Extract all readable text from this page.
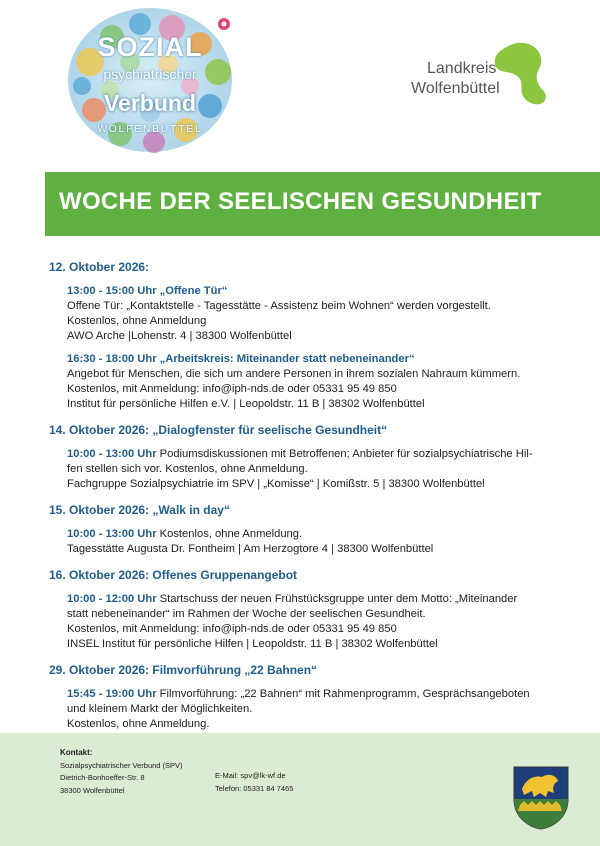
SOZIAL
psychiatrischer
Verbund
WOLFENBÜTTEL
Landkreis
Wolfenbüttel
WOCHE DER SEELISCHEN GESUNDHEIT
12. Oktober 2026:
13:00 - 15:00 Uhr „Offene Tür“
Offene Tür: „Kontaktstelle - Tagesstätte - Assistenz beim Wohnen“ werden vorgestellt.
Kostenlos, ohne Anmeldung
AWO Arche |Lohenstr. 4 | 38300 Wolfenbüttel
16:30 - 18:00 Uhr „Arbeitskreis: Miteinander statt nebeneinander“
Angebot für Menschen, die sich um andere Personen in ihrem sozialen Nahraum kümmern.
Kostenlos, mit Anmeldung: info@iph-nds.de oder 05331 95 49 850
Institut für persönliche Hilfen e.V. | Leopoldstr. 11 B | 38302 Wolfenbüttel
14. Oktober 2026: „Dialogfenster für seelische Gesundheit“
10:00 - 13:00 Uhr Podiumsdiskussionen mit Betroffenen; Anbieter für sozialpsychiatrische Hil-
fen stellen sich vor. Kostenlos, ohne Anmeldung.
Fachgruppe Sozialpsychiatrie im SPV | „Komisse“ | Komißstr. 5 | 38300 Wolfenbüttel
15. Oktober 2026: „Walk in day“
10:00 - 13:00 Uhr Kostenlos, ohne Anmeldung.
Tagesstätte Augusta Dr. Fontheim | Am Herzogtore 4 | 38300 Wolfenbüttel
16. Oktober 2026: Offenes Gruppenangebot
10:00 - 12:00 Uhr Startschuss der neuen Frühstücksgruppe unter dem Motto: „Miteinander
statt nebeneinander“ im Rahmen der Woche der seelischen Gesundheit.
Kostenlos, mit Anmeldung: info@iph-nds.de oder 05331 95 49 850
INSEL Institut für persönliche Hilfen | Leopoldstr. 11 B | 38302 Wolfenbüttel
29. Oktober 2026: Filmvorführung „22 Bahnen“
15:45 - 19:00 Uhr Filmvorführung: „22 Bahnen“ mit Rahmenprogramm, Gesprächsangeboten
und kleinem Markt der Möglichkeiten.
Kostenlos, ohne Anmeldung.
Kontakt:
Sozialpsychiatrischer Verbund (SPV)
Dietrich-Bonhoeffer-Str. 8
38300 Wolfenbüttel
E-Mail: spv@lk-wf.de
Telefon: 05331 84 7465
